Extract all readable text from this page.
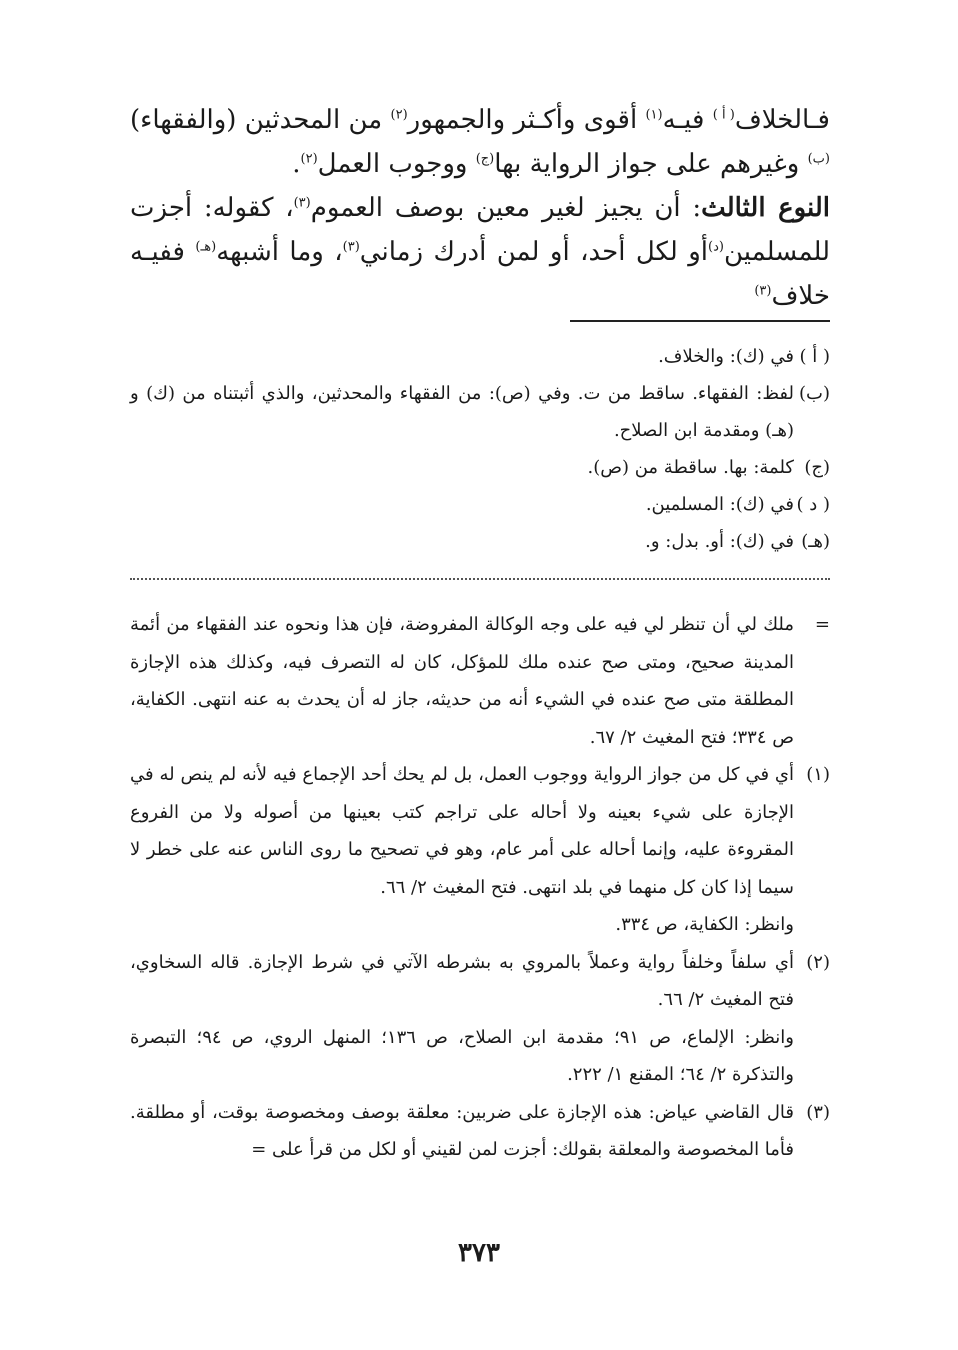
فـالخلاف$^{( أ )}$ فيـه$^{(١)}$ أقوى وأكـثر والجمهور$^{(٢)}$ من المحدثين (والفقهاء)$^{(ب)}$ وغيرهم على جواز الرواية بها$^{(ج)}$ ووجوب العمل$^{(٢)}$.

النوع الثالث: أن يجيز لغير معين بوصف العموم$^{(٣)}$، كقوله: أجزت للمسلمين$^{(د)}$أو لكل أحد، أو لمن أدرك زماني$^{(٣)}$، وما أشبهه$^{(هـ)}$ ففيـه خلاف$^{(٣)}$

( أ )
في (ك): والخلاف.
(ب)
لفظ: الفقهاء. ساقط من ت. وفي (ص): من الفقهاء والمحدثين، والذي أثبتناه من (ك) و (هـ) ومقدمة ابن الصلاح.
(ج)
كلمة: بها. ساقطة من (ص).
( د )
في (ك): المسلمين.
(هـ)
في (ك): أو. بدل: و.
=
ملك لي أن تنظر لي فيه على وجه الوكالة المفروضة، فإن هذا ونحوه عند الفقهاء من أئمة المدينة صحيح، ومتى صح عنده ملك للمؤكل، كان له التصرف فيه، وكذلك هذه الإجازة المطلقة متى صح عنده في الشيء أنه من حديثه، جاز له أن يحدث به عنه انتهى. الكفاية، ص ٣٣٤؛ فتح المغيث ٢/ ٦٧.
(١)
أي في كل من جواز الرواية ووجوب العمل، بل لم يحك أحد الإجماع فيه لأنه لم ينص له في الإجازة على شيء بعينه ولا أحاله على تراجم كتب بعينها من أصوله ولا من الفروع المقروءة عليه، وإنما أحاله على أمر عام، وهو في تصحيح ما روى الناس عنه على خطر لا سيما إذا كان كل منهما في بلد انتهى. فتح المغيث ٢/ ٦٦.
وانظر: الكفاية، ص ٣٣٤.
(٢)
أي سلفاً وخلفاً رواية وعملاً بالمروي به بشرطه الآتي في شرط الإجازة. قاله السخاوي، فتح المغيث ٢/ ٦٦.
وانظر: الإلماع، ص ٩١؛ مقدمة ابن الصلاح، ص ١٣٦؛ المنهل الروي، ص ٩٤؛ التبصرة والتذكرة ٢/ ٦٤؛ المقنع ١/ ٢٢٢.
(٣)
قال القاضي عياض: هذه الإجازة على ضربين: معلقة بوصف ومخصوصة بوقت، أو مطلقة. فأما المخصوصة والمعلقة بقولك: أجزت لمن لقيني أو لكل من قرأ على =
٣٧٣
